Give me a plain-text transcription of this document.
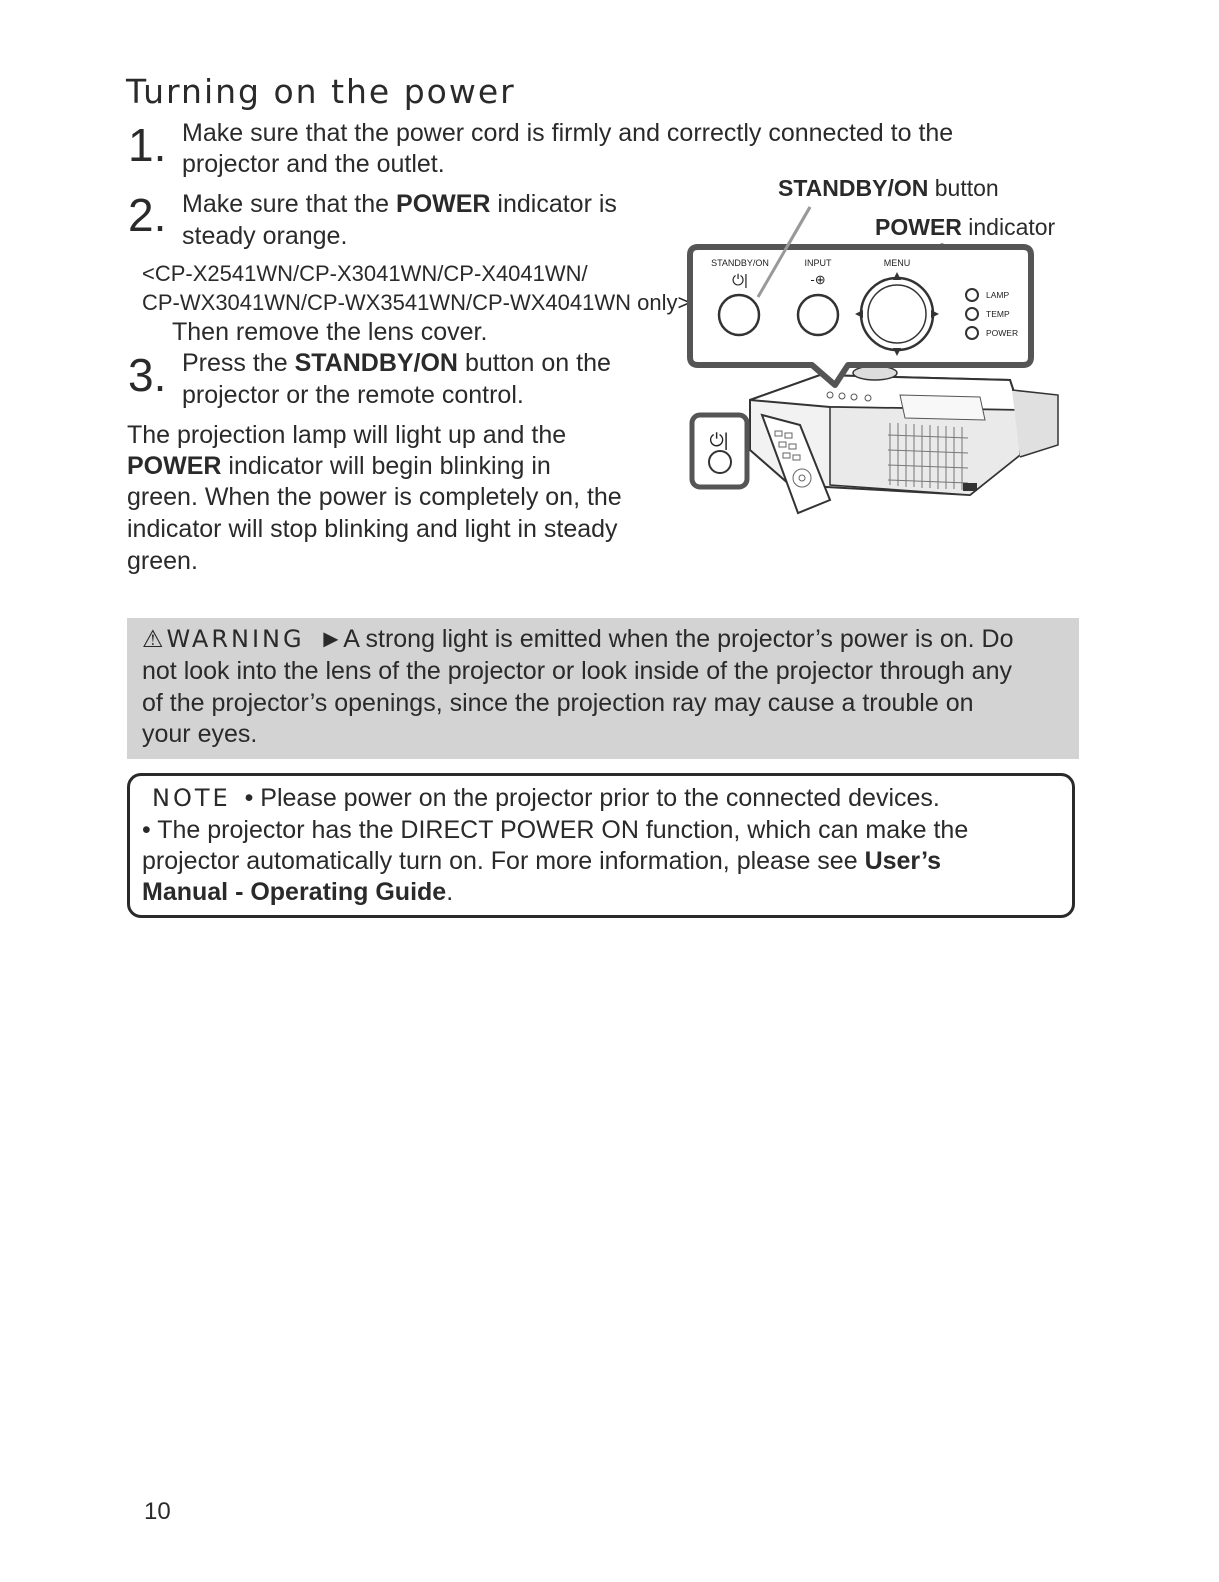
Turning on the power
1. Make sure that the power cord is firmly and correctly connected to the
projector and the outlet.
2. Make sure that the POWER indicator is
steady orange.
<CP-X2541WN/CP-X3041WN/CP-X4041WN/
CP-WX3041WN/CP-WX3541WN/CP-WX4041WN only>
Then remove the lens cover.
3. Press the STANDBY/ON button on the
projector or the remote control.
The projection lamp will light up and the
POWER indicator will begin blinking in
green. When the power is completely on, the
indicator will stop blinking and light in steady
green.
STANDBY/ON button
POWER indicator
⏻|
STANDBY/ON	INPUT	MENU
⏻|	-⊕
LAMP
TEMP
POWER
⚠WARNING ►A strong light is emitted when the projector’s power is on. Do
not look into the lens of the projector or look inside of the projector through any
of the projector’s openings, since the projection ray may cause a trouble on
your eyes.
NOTE • Please power on the projector prior to the connected devices.
• The projector has the DIRECT POWER ON function, which can make the
projector automatically turn on. For more information, please see User’s
Manual - Operating Guide.
10
